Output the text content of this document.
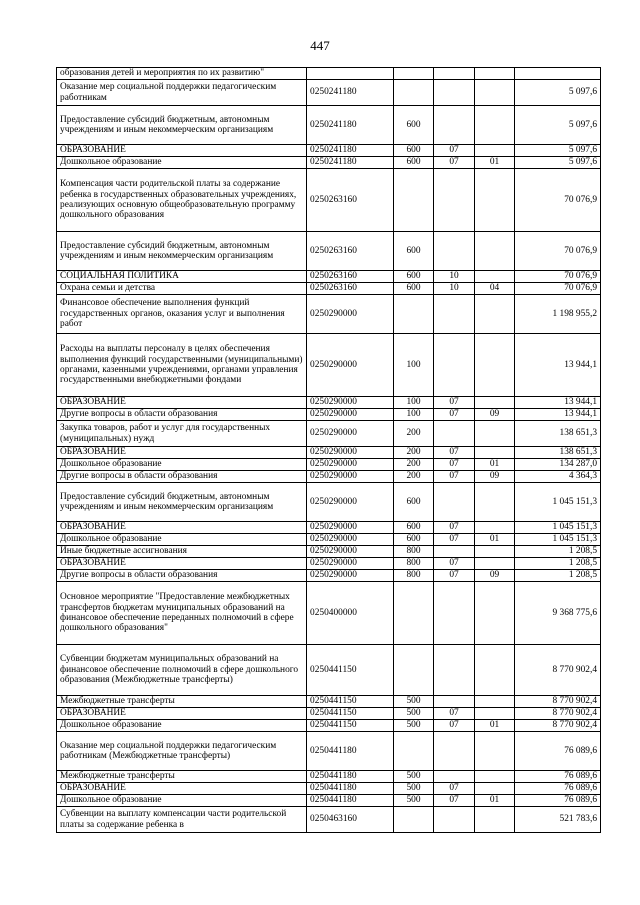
447
образования детей и мероприятия по их развитию"					
Оказание мер социальной поддержки педагогическим работникам	0250241180				5 097,6
Предоставление субсидий бюджетным, автономным учреждениям и иным некоммерческим организациям	0250241180	600			5 097,6
ОБРАЗОВАНИЕ	0250241180	600	07		5 097,6
Дошкольное образование	0250241180	600	07	01	5 097,6
Компенсация части родительской платы за содержание ребенка в государственных образовательных учреждениях, реализующих основную общеобразовательную программу дошкольного образования	0250263160				70 076,9
Предоставление субсидий бюджетным, автономным учреждениям и иным некоммерческим организациям	0250263160	600			70 076,9
СОЦИАЛЬНАЯ ПОЛИТИКА	0250263160	600	10		70 076,9
Охрана семьи и детства	0250263160	600	10	04	70 076,9
Финансовое обеспечение выполнения функций государственных органов, оказания услуг и выполнения работ	0250290000				1 198 955,2
Расходы на выплаты персоналу в целях обеспечения выполнения функций государственными (муниципальными) органами, казенными учреждениями, органами управления государственными внебюджетными фондами	0250290000	100			13 944,1
ОБРАЗОВАНИЕ	0250290000	100	07		13 944,1
Другие вопросы в области образования	0250290000	100	07	09	13 944,1
Закупка товаров, работ и услуг для государственных (муниципальных) нужд	0250290000	200			138 651,3
ОБРАЗОВАНИЕ	0250290000	200	07		138 651,3
Дошкольное образование	0250290000	200	07	01	134 287,0
Другие вопросы в области образования	0250290000	200	07	09	4 364,3
Предоставление субсидий бюджетным, автономным учреждениям и иным некоммерческим организациям	0250290000	600			1 045 151,3
ОБРАЗОВАНИЕ	0250290000	600	07		1 045 151,3
Дошкольное образование	0250290000	600	07	01	1 045 151,3
Иные бюджетные ассигнования	0250290000	800			1 208,5
ОБРАЗОВАНИЕ	0250290000	800	07		1 208,5
Другие вопросы в области образования	0250290000	800	07	09	1 208,5
Основное мероприятие "Предоставление межбюджетных трансфертов бюджетам муниципальных образований на финансовое обеспечение переданных полномочий в сфере дошкольного образования"	0250400000				9 368 775,6
Субвенции бюджетам муниципальных образований на финансовое обеспечение полномочий в сфере дошкольного образования (Межбюджетные трансферты)	0250441150				8 770 902,4
Межбюджетные трансферты	0250441150	500			8 770 902,4
ОБРАЗОВАНИЕ	0250441150	500	07		8 770 902,4
Дошкольное образование	0250441150	500	07	01	8 770 902,4
Оказание мер социальной поддержки педагогическим работникам (Межбюджетные трансферты)	0250441180				76 089,6
Межбюджетные трансферты	0250441180	500			76 089,6
ОБРАЗОВАНИЕ	0250441180	500	07		76 089,6
Дошкольное образование	0250441180	500	07	01	76 089,6
Субвенции на выплату компенсации части родительской платы за содержание ребенка в	0250463160				521 783,6
